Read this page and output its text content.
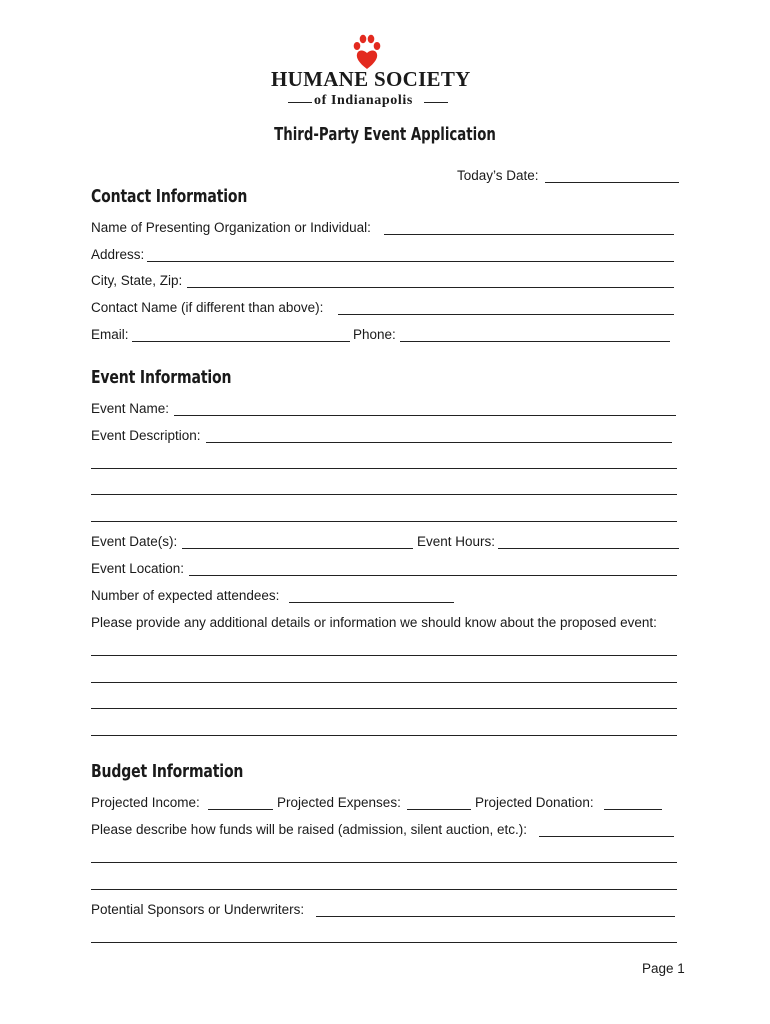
HUMANE SOCIETY
of Indianapolis
Third-Party Event Application
Today’s Date:
Contact Information
Name of Presenting Organization or Individual:
Address:
City, State, Zip:
Contact Name (if different than above):
Email:	Phone:
Event Information
Event Name:
Event Description:
Event Date(s):	Event Hours:
Event Location:
Number of expected attendees:
Please provide any additional details or information we should know about the proposed event:
Budget Information
Projected Income:	Projected Expenses:	Projected Donation:
Please describe how funds will be raised (admission, silent auction, etc.):
Potential Sponsors or Underwriters:
Page 1
